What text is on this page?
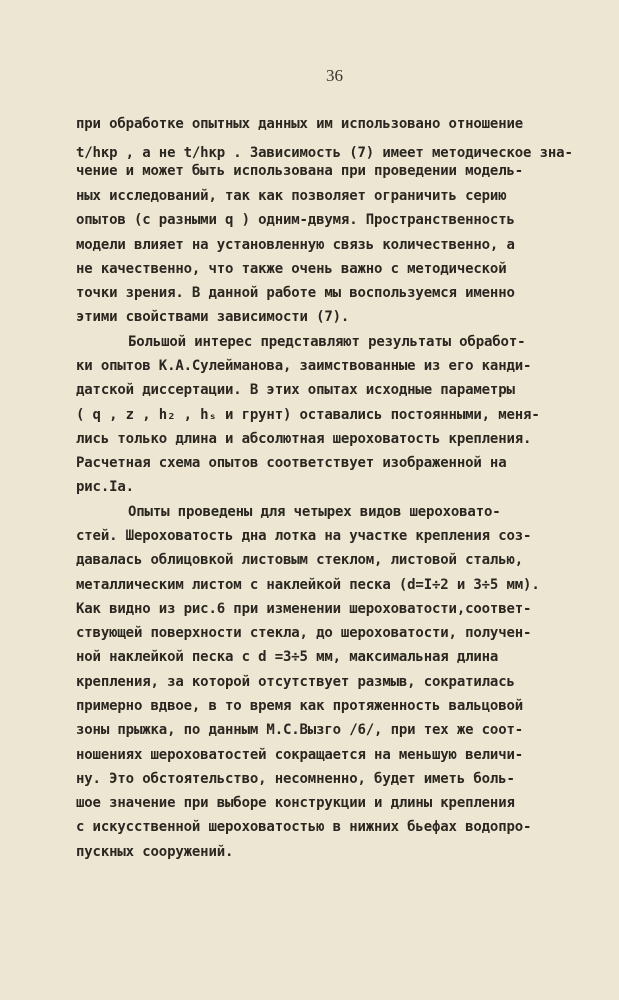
36
при обработке опытных данных им использовано отношение
t/hкр , а не t/hкр . Зависимость (7) имеет методическое зна-
чение и может быть использована при проведении модель-
ных исследований, так как позволяет ограничить серию
опытов (с разными q ) одним-двумя. Пространственность
модели влияет на установленную связь количественно, а
не качественно, что также очень важно с методической
точки зрения. В данной работе мы воспользуемся именно
этими свойствами зависимости (7).
Большой интерес представляют результаты обработ-
ки опытов К.А.Сулейманова, заимствованные из его канди-
датской диссертации. В этих опытах исходные параметры
( q , z , h₂ , hₛ и грунт) оставались постоянными, меня-
лись только длина и абсолютная шероховатость крепления.
Расчетная схема опытов соответствует изображенной на
рис.Iа.
Опыты проведены для четырех видов шероховато-
стей. Шероховатость дна лотка на участке крепления соз-
давалась облицовкой листовым стеклом, листовой сталью,
металлическим листом с наклейкой песка (d=I÷2 и 3÷5 мм).
Как видно из рис.6 при изменении шероховатости,соответ-
ствующей поверхности стекла, до шероховатости, получен-
ной наклейкой песка с d =3÷5 мм, максимальная длина
крепления, за которой отсутствует размыв, сократилась
примерно вдвое, в то время как протяженность вальцовой
зоны прыжка, по данным М.С.Вызго /6/, при тех же соот-
ношениях шероховатостей сокращается на меньшую величи-
ну. Это обстоятельство, несомненно, будет иметь боль-
шое значение при выборе конструкции и длины крепления
с искусственной шероховатостью в нижних бьефах водопро-
пускных сооружений.
